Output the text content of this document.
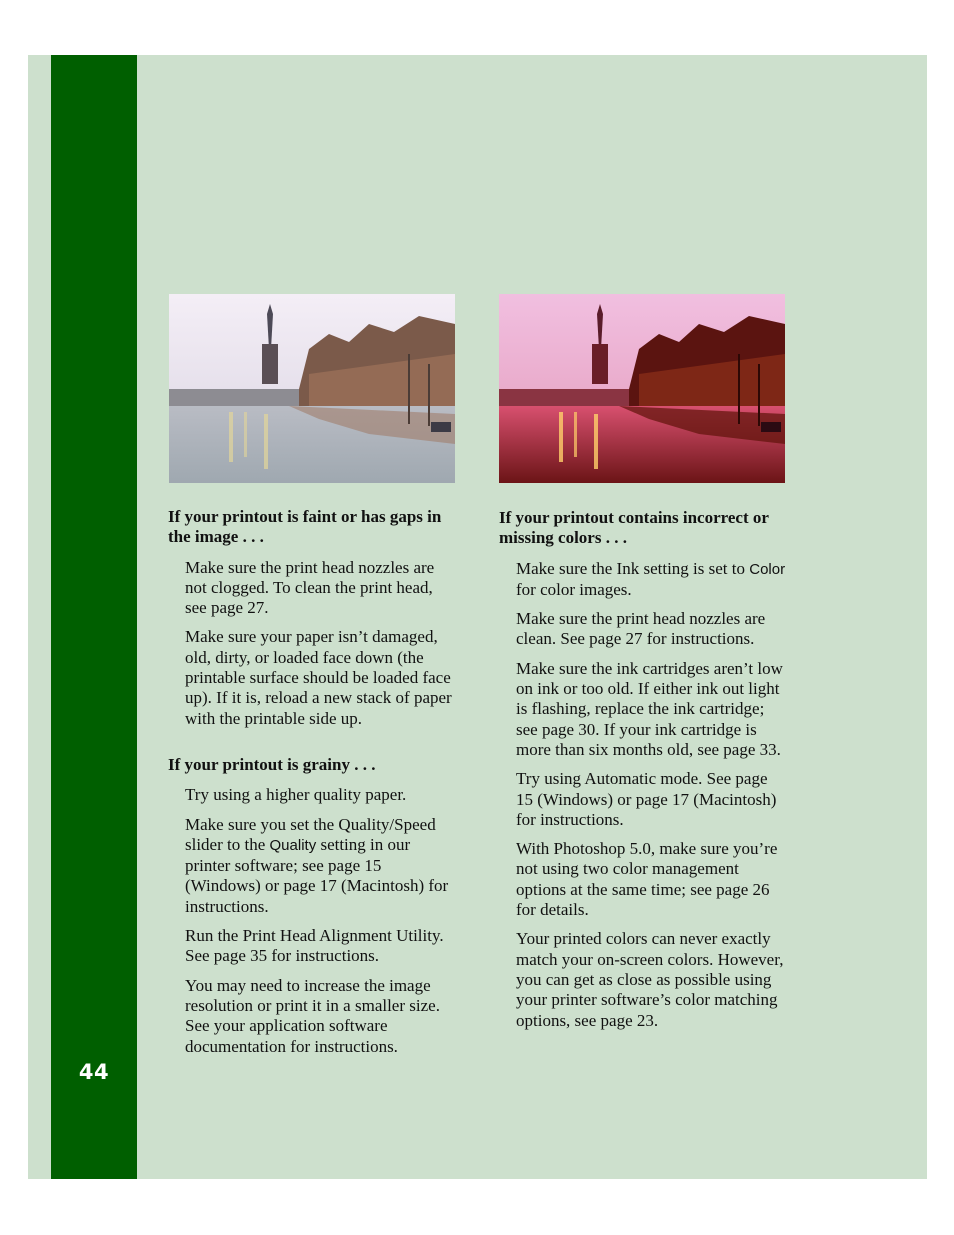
44

If your printout is faint or has gaps in the image . . .

Make sure the print head nozzles are not clogged. To clean the print head, see page 27.

Make sure your paper isn’t damaged, old, dirty, or loaded face down (the printable surface should be loaded face up). If it is, reload a new stack of paper with the printable side up.

If your printout is grainy . . .

Try using a higher quality paper.

Make sure you set the Quality/Speed slider to the Quality setting in our printer software; see page 15 (Windows) or page 17 (Macintosh) for instructions.

Run the Print Head Alignment Utility. See page 35 for instructions.

You may need to increase the image resolution or print it in a smaller size. See your application software documentation for instructions.

If your printout contains incorrect or missing colors . . .

Make sure the Ink setting is set to Color for color images.

Make sure the print head nozzles are clean. See page 27 for instructions.

Make sure the ink cartridges aren’t low on ink or too old. If either ink out light is flashing, replace the ink cartridge; see page 30. If your ink cartridge is more than six months old, see page 33.

Try using Automatic mode. See page 15 (Windows) or page 17 (Macintosh) for instructions.

With Photoshop 5.0, make sure you’re not using two color management options at the same time; see page 26 for details.

Your printed colors can never exactly match your on-screen colors. However, you can get as close as possible using your printer software’s color matching options, see page 23.
